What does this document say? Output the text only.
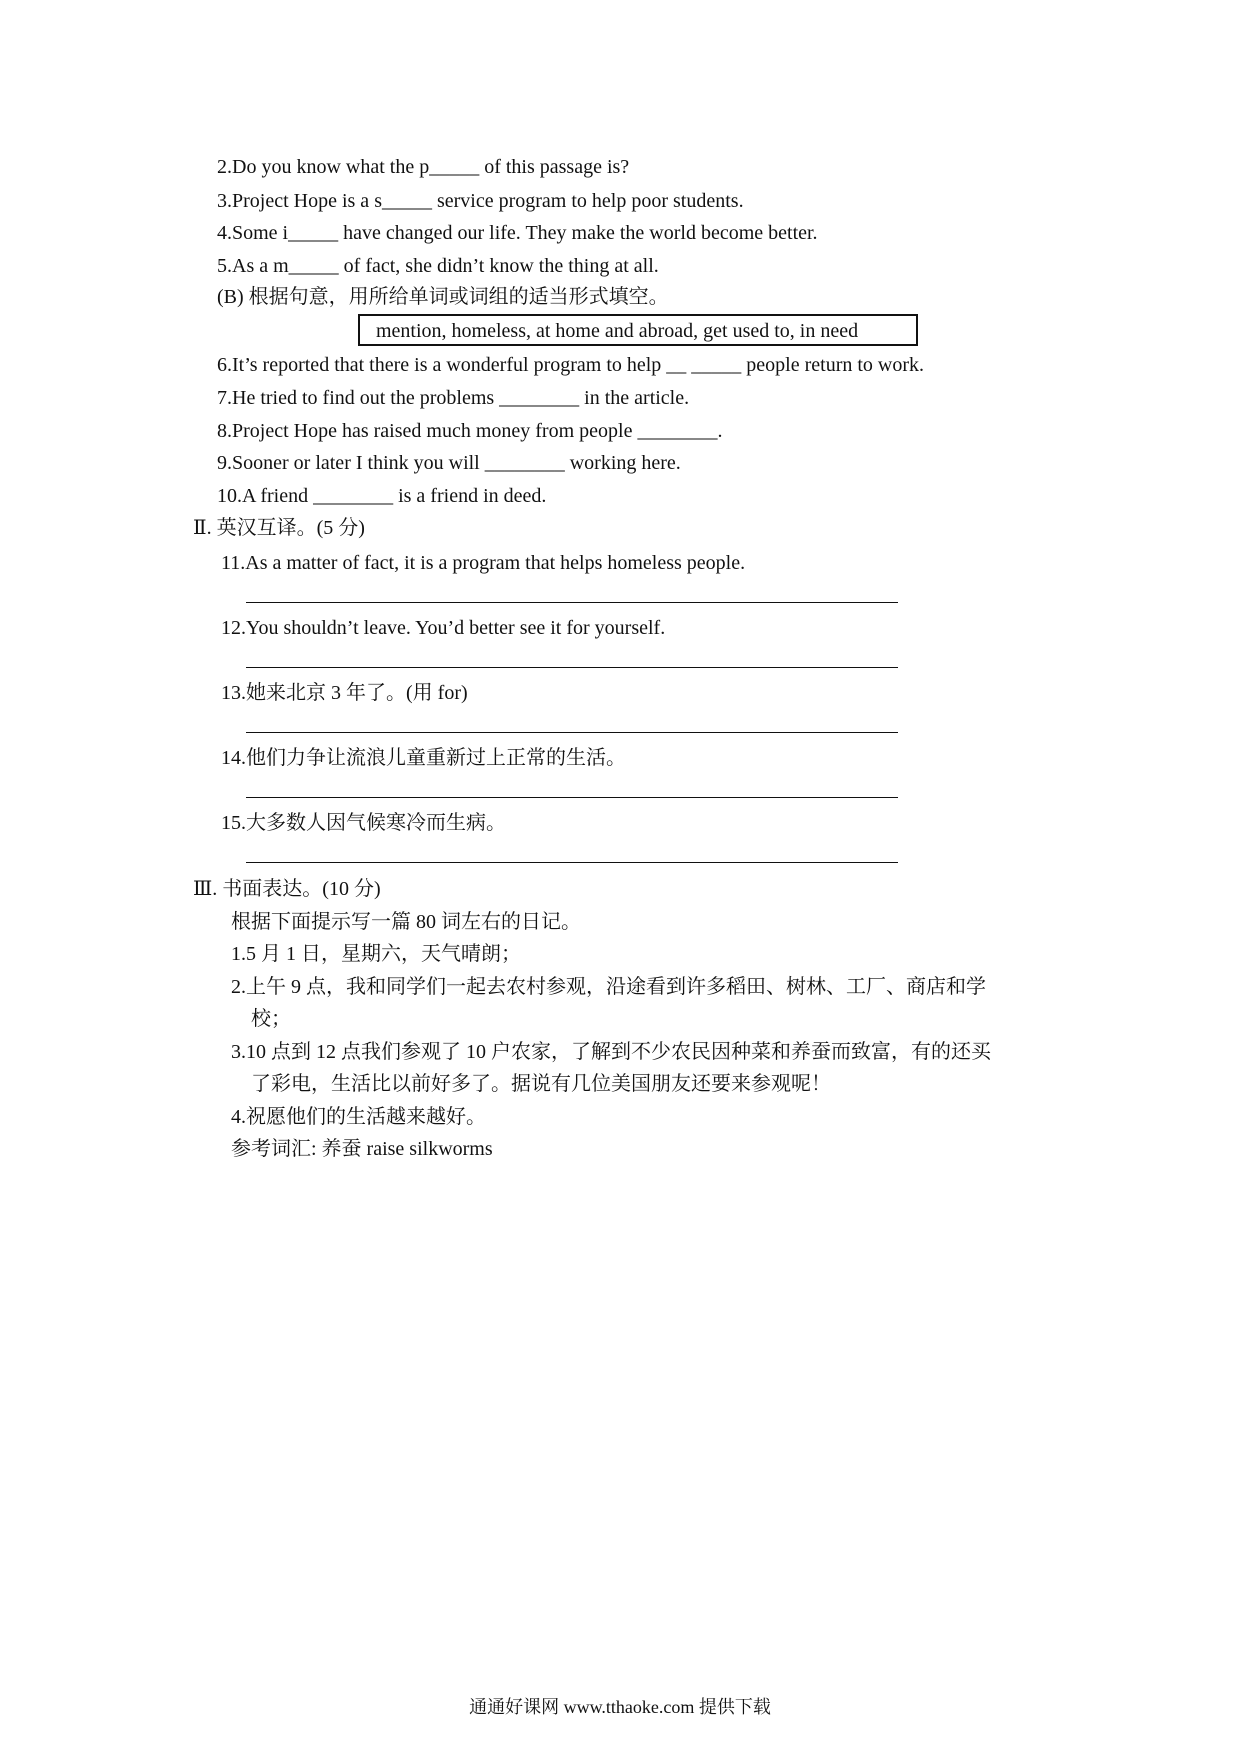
2.Do you know what the p_____ of this passage is?
3.Project Hope is a s_____ service program to help poor students.
4.Some i_____ have changed our life. They make the world become better.
5.As a m_____ of fact, she didn’t know the thing at all.
(B) 根据句意，用所给单词或词组的适当形式填空。
mention, homeless, at home and abroad, get used to, in need
6.It’s reported that there is a wonderful program to help __ _____ people return to work.
7.He tried to find out the problems ________ in the article.
8.Project Hope has raised much money from people ________.
9.Sooner or later I think you will ________ working here.
10.A friend ________ is a friend in deed.
Ⅱ. 英汉互译。(5 分)
11.As a matter of fact, it is a program that helps homeless people.
12.You shouldn’t leave. You’d better see it for yourself.
13.她来北京 3 年了。(用 for)
14.他们力争让流浪儿童重新过上正常的生活。
15.大多数人因气候寒冷而生病。
Ⅲ. 书面表达。(10 分)
根据下面提示写一篇 80 词左右的日记。
1.5 月 1 日，星期六，天气晴朗；
2.上午 9 点，我和同学们一起去农村参观，沿途看到许多稻田、树林、工厂、商店和学
校；
3.10 点到 12 点我们参观了 10 户农家，了解到不少农民因种菜和养蚕而致富，有的还买
了彩电，生活比以前好多了。据说有几位美国朋友还要来参观呢！
4.祝愿他们的生活越来越好。
参考词汇: 养蚕 raise silkworms
通通好课网 www.tthaoke.com 提供下载
